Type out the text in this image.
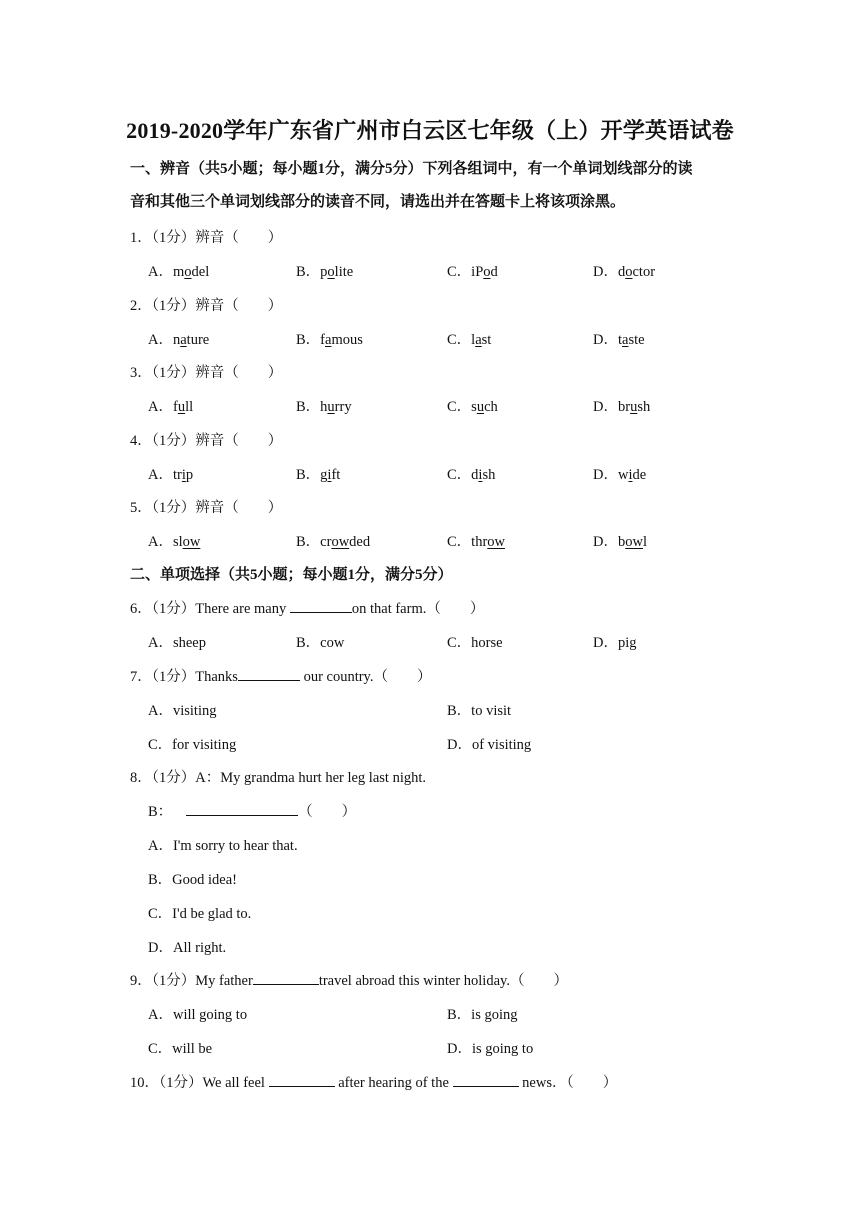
2019-2020学年广东省广州市白云区七年级（上）开学英语试卷
一、辨音（共5小题；每小题1分，满分5分）下列各组词中，有一个单词划线部分的读
音和其他三个单词划线部分的读音不同，请选出并在答题卡上将该项涂黑。
1．（1分）辨音（　　）
A．model	B．polite	C．iPod	D．doctor
2．（1分）辨音（　　）
A．nature	B．famous	C．last	D．taste
3．（1分）辨音（　　）
A．full	B．hurry	C．such	D．brush
4．（1分）辨音（　　）
A．trip	B．gift	C．dish	D．wide
5．（1分）辨音（　　）
A．slow	B．crowded	C．throw	D．bowl
二、单项选择（共5小题；每小题1分，满分5分）
6．（1分）There are many	on that farm.（　　）
A．sheep	B．cow	C．horse	D．pig
7．（1分）Thanks	our country.（　　）
A．visiting	B．to visit
C．for visiting	D．of visiting
8．（1分）A：My grandma hurt her leg last night.
B：	（　　）
A．I'm sorry to hear that.
B．Good idea!
C．I'd be glad to.
D．All right.
9．（1分）My father	travel abroad this winter holiday.（　　）
A．will going to	B．is going
C．will be	D．is going to
10．（1分）We all feel	after hearing of the	news．（　　）
